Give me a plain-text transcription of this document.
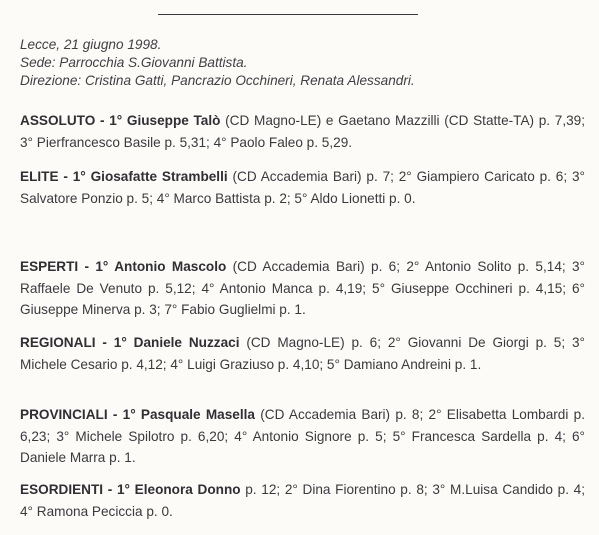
Lecce, 21 giugno 1998.
Sede: Parrocchia S.Giovanni Battista.
Direzione: Cristina Gatti, Pancrazio Occhineri, Renata Alessandri.
ASSOLUTO - 1° Giuseppe Talò (CD Magno-LE) e Gaetano Mazzilli (CD Statte-TA) p. 7,39; 3° Pierfrancesco Basile p. 5,31; 4° Paolo Faleo p. 5,29.
ELITE - 1° Giosafatte Strambelli (CD Accademia Bari) p. 7; 2° Giampiero Caricato p. 6; 3° Salvatore Ponzio p. 5; 4° Marco Battista p. 2; 5° Aldo Lionetti p. 0.
ESPERTI - 1° Antonio Mascolo (CD Accademia Bari) p. 6; 2° Antonio Solito p. 5,14; 3° Raffaele De Venuto p. 5,12; 4° Antonio Manca p. 4,19; 5° Giuseppe Occhineri p. 4,15; 6° Giuseppe Minerva p. 3; 7° Fabio Guglielmi p. 1.
REGIONALI - 1° Daniele Nuzzaci (CD Magno-LE) p. 6; 2° Giovanni De Giorgi p. 5; 3° Michele Cesario p. 4,12; 4° Luigi Graziuso p. 4,10; 5° Damiano Andreini p. 1.
PROVINCIALI - 1° Pasquale Masella (CD Accademia Bari) p. 8; 2° Elisabetta Lombardi p. 6,23; 3° Michele Spilotro p. 6,20; 4° Antonio Signore p. 5; 5° Francesca Sardella p. 4; 6° Daniele Marra p. 1.
ESORDIENTI - 1° Eleonora Donno p. 12; 2° Dina Fiorentino p. 8; 3° M.Luisa Candido p. 4; 4° Ramona Peciccia p. 0.
